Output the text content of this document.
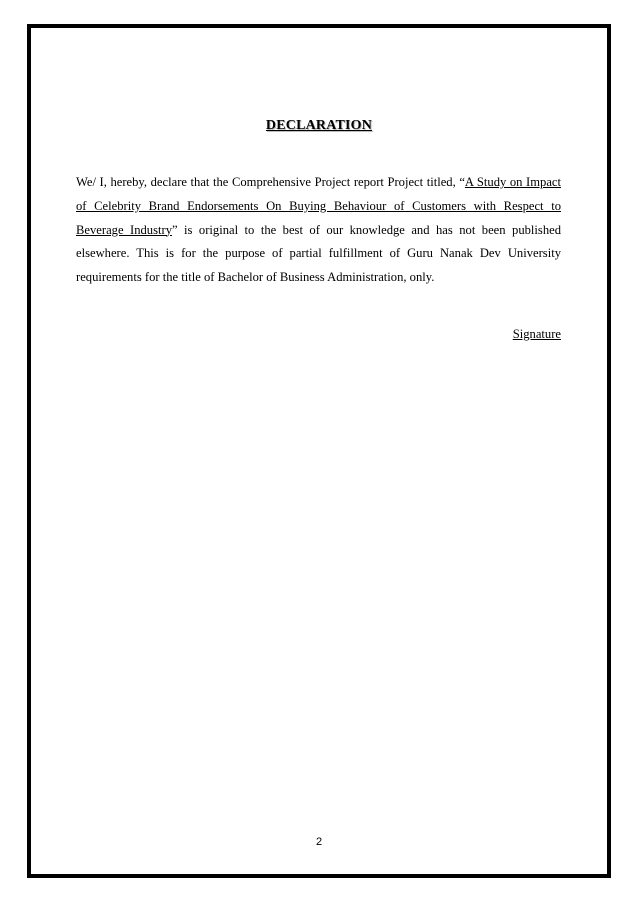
DECLARATION
We/ I, hereby, declare that the Comprehensive Project report Project titled, “A Study on Impact of Celebrity Brand Endorsements On Buying Behaviour of Customers with Respect to Beverage Industry” is original to the best of our knowledge and has not been published elsewhere. This is for the purpose of partial fulfillment of Guru Nanak Dev University requirements for the title of Bachelor of Business Administration, only.
Signature
2
